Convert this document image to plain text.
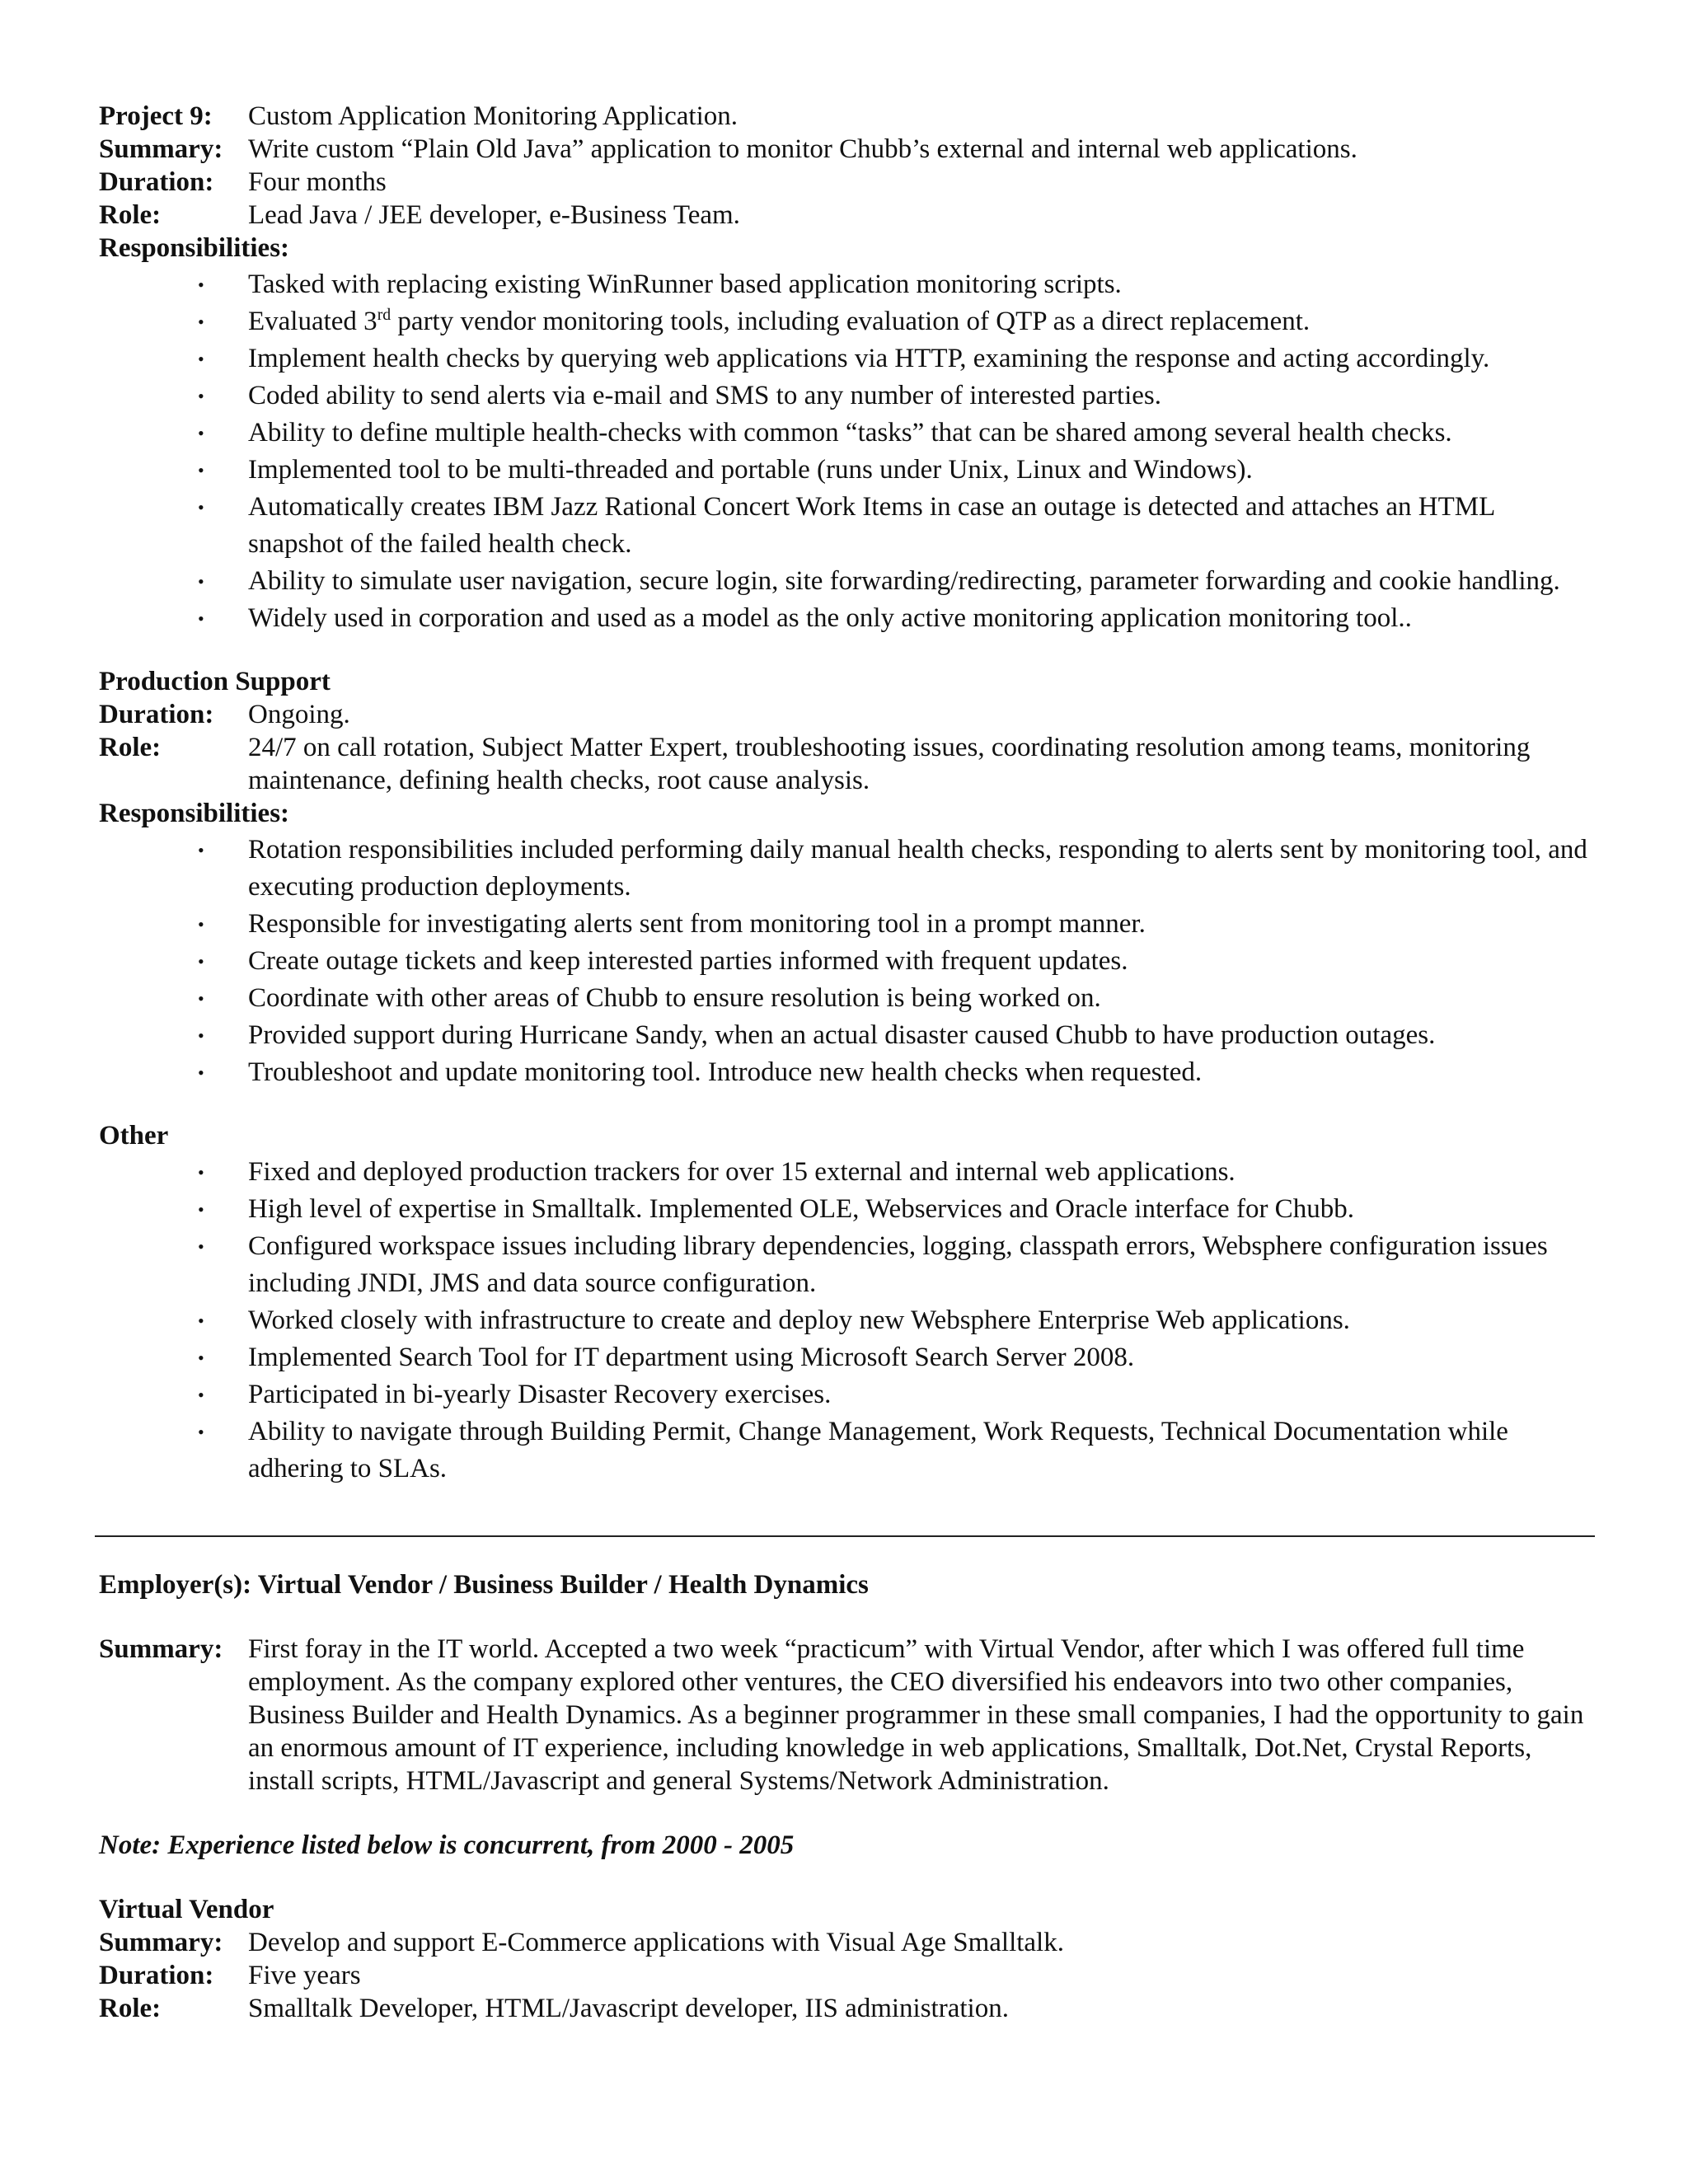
Project 9:	Custom Application Monitoring Application.
Summary: Write custom “Plain Old Java” application to monitor Chubb’s external and internal web applications.
Duration:	Four months
Role:	Lead Java / JEE developer, e-Business Team.
Responsibilities:
• Tasked with replacing existing WinRunner based application monitoring scripts.
• Evaluated 3rd party vendor monitoring tools, including evaluation of QTP as a direct replacement.
• Implement health checks by querying web applications via HTTP, examining the response and acting accordingly.
• Coded ability to send alerts via e-mail and SMS to any number of interested parties.
• Ability to define multiple health-checks with common “tasks” that can be shared among several health checks.
• Implemented tool to be multi-threaded and portable (runs under Unix, Linux and Windows).
• Automatically creates IBM Jazz Rational Concert Work Items in case an outage is detected and attaches an HTML snapshot of the failed health check.
• Ability to simulate user navigation, secure login, site forwarding/redirecting, parameter forwarding and cookie handling.
• Widely used in corporation and used as a model as the only active monitoring application monitoring tool..
Production Support
Duration:	Ongoing.
Role:	24/7 on call rotation, Subject Matter Expert, troubleshooting issues, coordinating resolution among teams, monitoring maintenance, defining health checks, root cause analysis.
Responsibilities:
• Rotation responsibilities included performing daily manual health checks, responding to alerts sent by monitoring tool, and executing production deployments.
• Responsible for investigating alerts sent from monitoring tool in a prompt manner.
• Create outage tickets and keep interested parties informed with frequent updates.
• Coordinate with other areas of Chubb to ensure resolution is being worked on.
• Provided support during Hurricane Sandy, when an actual disaster caused Chubb to have production outages.
• Troubleshoot and update monitoring tool. Introduce new health checks when requested.
Other
• Fixed and deployed production trackers for over 15 external and internal web applications.
• High level of expertise in Smalltalk. Implemented OLE, Webservices and Oracle interface for Chubb.
• Configured workspace issues including library dependencies, logging, classpath errors, Websphere configuration issues including JNDI, JMS and data source configuration.
• Worked closely with infrastructure to create and deploy new Websphere Enterprise Web applications.
• Implemented Search Tool for IT department using Microsoft Search Server 2008.
• Participated in bi-yearly Disaster Recovery exercises.
• Ability to navigate through Building Permit, Change Management, Work Requests, Technical Documentation while adhering to SLAs.
Employer(s): Virtual Vendor / Business Builder / Health Dynamics
Summary: First foray in the IT world. Accepted a two week “practicum” with Virtual Vendor, after which I was offered full time employment. As the company explored other ventures, the CEO diversified his endeavors into two other companies, Business Builder and Health Dynamics. As a beginner programmer in these small companies, I had the opportunity to gain an enormous amount of IT experience, including knowledge in web applications, Smalltalk, Dot.Net, Crystal Reports, install scripts, HTML/Javascript and general Systems/Network Administration.
Note: Experience listed below is concurrent, from 2000 - 2005
Virtual Vendor
Summary: Develop and support E-Commerce applications with Visual Age Smalltalk.
Duration:	Five years
Role:	Smalltalk Developer, HTML/Javascript developer, IIS administration.
